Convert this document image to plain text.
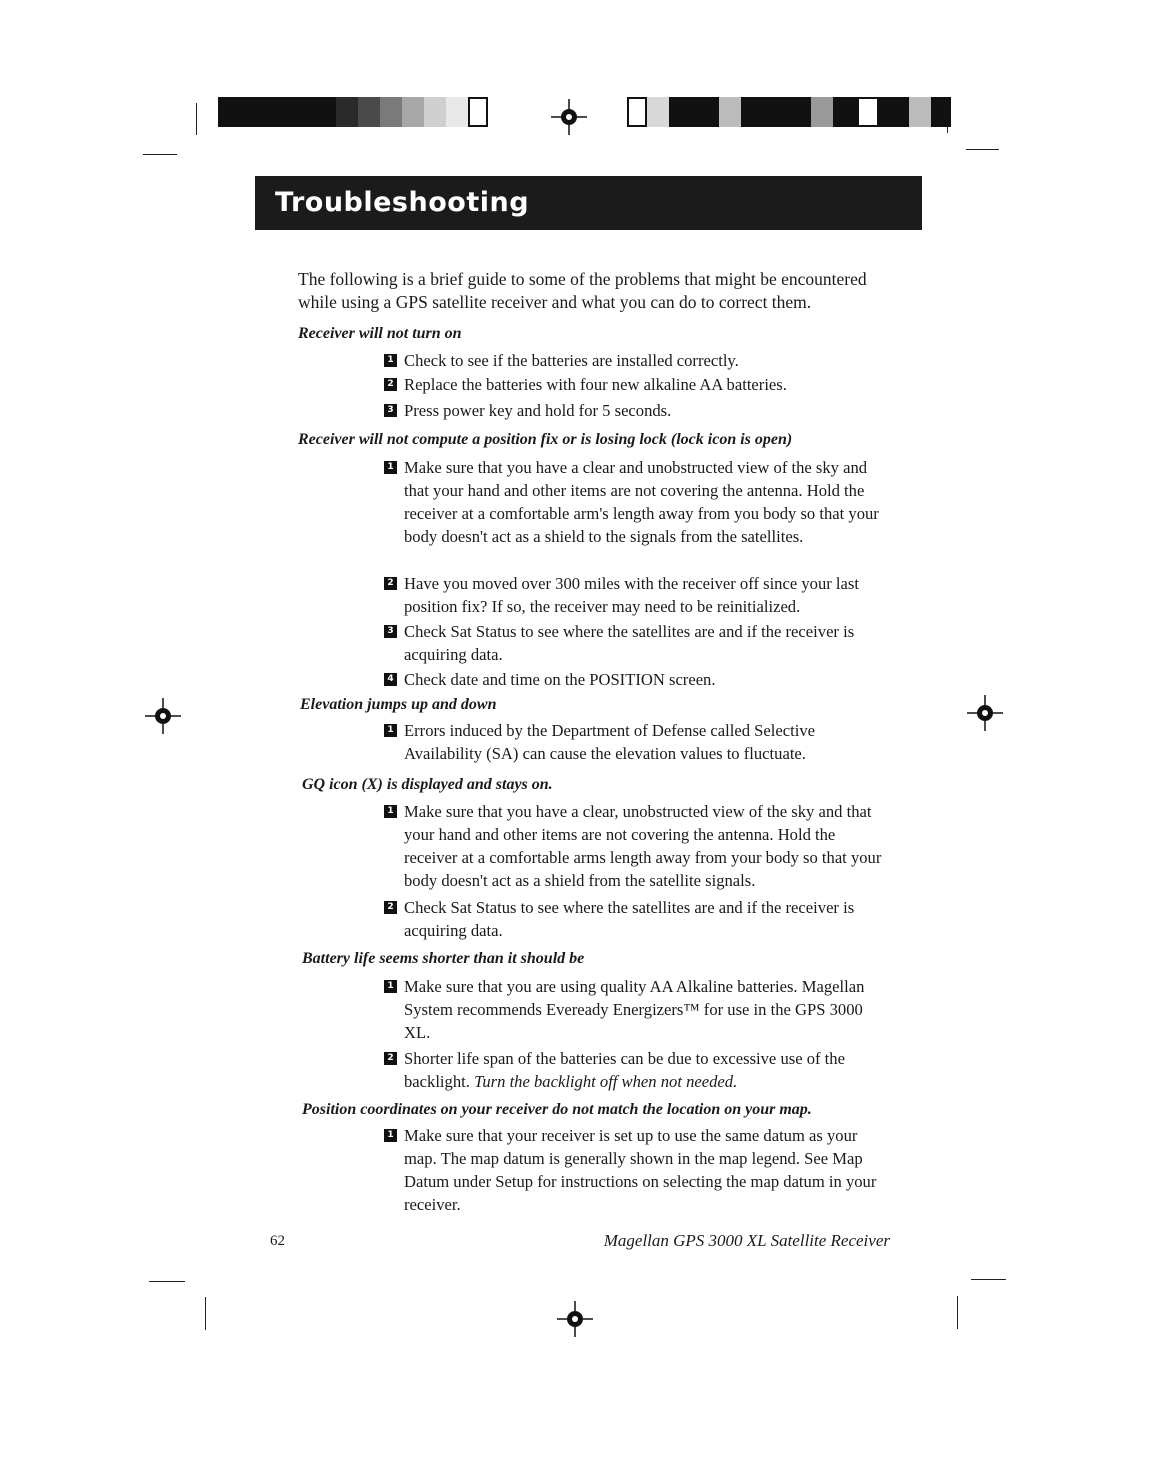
Troubleshooting

The following is a brief guide to some of the problems that might be encountered while using a GPS satellite receiver and what you can do to correct them.

Receiver will not turn on
1 Check to see if the batteries are installed correctly.
2 Replace the batteries with four new alkaline AA batteries.
3 Press power key and hold for 5 seconds.
Receiver will not compute a position fix or is losing lock (lock icon is open)
1 Make sure that you have a clear and unobstructed view of the sky and that your hand and other items are not covering the antenna. Hold the receiver at a comfortable arm's length away from you body so that your body doesn't act as a shield to the signals from the satellites.
2 Have you moved over 300 miles with the receiver off since your last position fix? If so, the receiver may need to be reinitialized.
3 Check Sat Status to see where the satellites are and if the receiver is acquiring data.
4 Check date and time on the POSITION screen.
Elevation jumps up and down
1 Errors induced by the Department of Defense called Selective Availability (SA) can cause the elevation values to fluctuate.
GQ icon (X) is displayed and stays on.
1 Make sure that you have a clear, unobstructed view of the sky and that your hand and other items are not covering the antenna. Hold the receiver at a comfortable arms length away from your body so that your body doesn't act as a shield from the satellite signals.
2 Check Sat Status to see where the satellites are and if the receiver is acquiring data.
Battery life seems shorter than it should be
1 Make sure that you are using quality AA Alkaline batteries. Magellan System recommends Eveready Energizers™ for use in the GPS 3000 XL.
2 Shorter life span of the batteries can be due to excessive use of the backlight. Turn the backlight off when not needed.
Position coordinates on your receiver do not match the location on your map.
1 Make sure that your receiver is set up to use the same datum as your map. The map datum is generally shown in the map legend. See Map Datum under Setup for instructions on selecting the map datum in your receiver.
62	Magellan GPS 3000 XL Satellite Receiver
